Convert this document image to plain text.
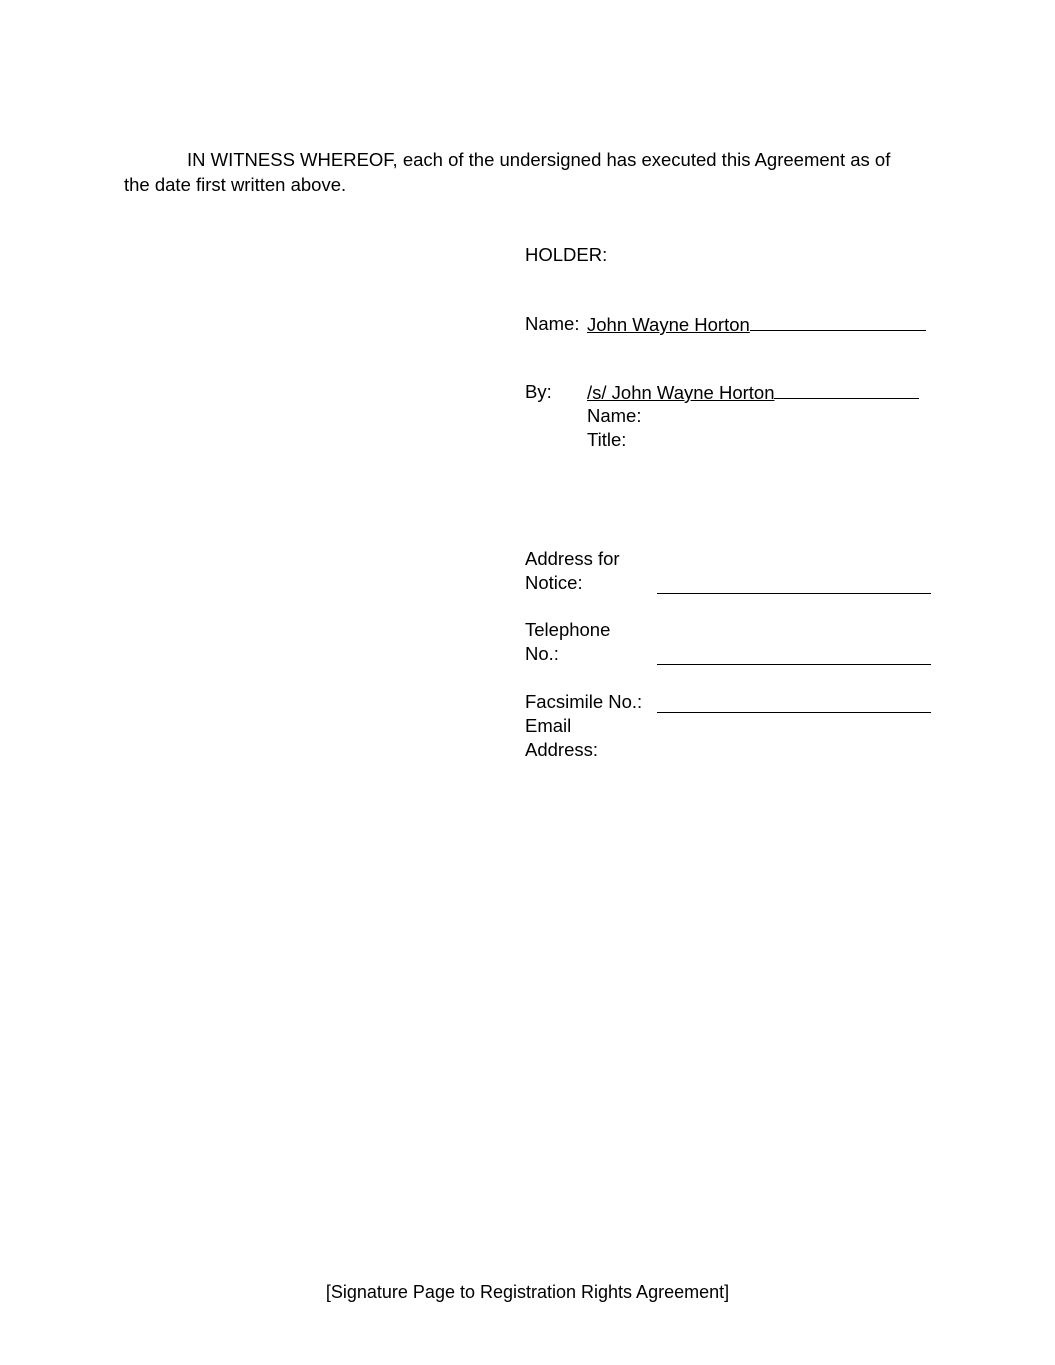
IN WITNESS WHEREOF, each of the undersigned has executed this Agreement as of
the date first written above.
HOLDER:
Name: John Wayne Horton
By: /s/ John Wayne Horton
Name:
Title:
Address for
Notice:
Telephone
No.:
Facsimile No.:
Email
Address:
[Signature Page to Registration Rights Agreement]
